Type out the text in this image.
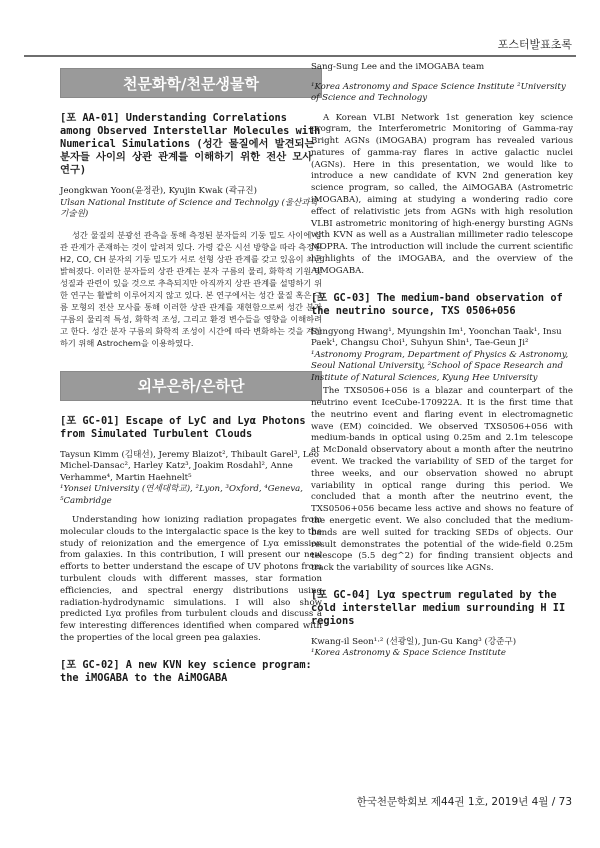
포스터발표초록
천문화학/천문생물학

[포 AA-01] Understanding Correlations among Observed Interstellar Molecules with Numerical Simulations (성간 물질에서 발견되는 분자들 사이의 상관 관계를 이해하기 위한 전산 모사 연구)

Jeongkwan Yoon(윤정관), Kyujin Kwak (곽규진)

Ulsan National Institute of Science and Technolgy (울산과학기술원)

성간 물질의 분광선 관측을 통해 측정된 분자들의 기둥 밀도 사이에 상관 관계가 존재하는 것이 알려져 있다. 가령 같은 시선 방향을 따라 측정된 H2, CO, CH 분자의 기둥 밀도가 서로 선형 상관 관계를 갖고 있음이 최근 밝혀졌다. 이러한 분자들의 상관 관계는 분자 구름의 물리, 화학적 기원 및 성질과 관련이 있을 것으로 추측되지만 아직까지 상관 관계를 설명하기 위한 연구는 활발히 이루어지지 않고 있다. 본 연구에서는 성간 물질 혹은 구름 모형의 전산 모사를 통해 이러한 상관 관계를 재현함으로써 성간 분자 구름의 물리적 특성, 화학적 조성, 그리고 환경 변수들을 영향을 이해하려고 한다. 성간 분자 구름의 화학적 조성이 시간에 따라 변화하는 것을 계산하기 위해 Astrochem을 이용하였다.

외부은하/은하단

[포 GC-01] Escape of LyC and Lyα Photons from Simulated Turbulent Clouds

Taysun Kimm (김태선), Jeremy Blaizot², Thibault Garel³, Leo Michel-Dansac², Harley Katz³, Joakim Rosdahl², Anne Verhamme⁴, Martin Haehnelt⁵

¹Yonsei University (연세대학교), ²Lyon, ³Oxford, ⁴Geneva, ⁵Cambridge

Understanding how ionizing radiation propagates from molecular clouds to the intergalactic space is the key to the study of reionization and the emergence of Lyα emission from galaxies. In this contribution, I will present our new efforts to better understand the escape of UV photons from turbulent clouds with different masses, star formation efficiencies, and spectral energy distributions using radiation-hydrodynamic simulations. I will also show predicted Lyα profiles from turbulent clouds and discuss a few interesting differences identified when compared with the properties of the local green pea galaxies.

[포 GC-02] A new KVN key science program: the iMOGABA to the AiMOGABA

Sang-Sung Lee and the iMOGABA team

¹Korea Astronomy and Space Science Institute ²University of Science and Technology

A Korean VLBI Network 1st generation key science program, the Interferometric Monitoring of Gamma-ray Bright AGNs (iMOGABA) program has revealed various natures of gamma-ray flares in active galactic nuclei (AGNs). Here in this presentation, we would like to introduce a new candidate of KVN 2nd generation key science program, so called, the AiMOGABA (Astrometric iMOGABA), aiming at studying a wondering radio core effect of relativistic jets from AGNs with high resolution VLBI astrometric monitoring of high-energy bursting AGNs with KVN as well as a Australian millimeter radio telescope MOPRA. The introduction will include the current scientific highlights of the iMOGABA, and the overview of the AiMOGABA.

[포 GC-03] The medium-band observation of the neutrino source, TXS 0506+056

Sungyong Hwang¹, Myungshin Im¹, Yoonchan Taak¹, Insu Paek¹, Changsu Choi¹, Suhyun Shin¹, Tae-Geun Ji²

¹Astronomy Program, Department of Physics & Astronomy, Seoul National University, ²School of Space Research and Institute of Natural Sciences, Kyung Hee University

The TXS0506+056 is a blazar and counterpart of the neutrino event IceCube-170922A. It is the first time that the neutrino event and flaring event in electromagnetic wave (EM) coincided. We observed TXS0506+056 with medium-bands in optical using 0.25m and 2.1m telescope at McDonald observatory about a month after the neutrino event. We tracked the variability of SED of the target for three weeks, and our observation showed no abrupt variability in optical range during this period. We concluded that a month after the neutrino event, the TXS0506+056 became less active and shows no feature of the energetic event. We also concluded that the medium-bands are well suited for tracking SEDs of objects. Our result demonstrates the potential of the wide-field 0.25m telescope (5.5 deg^2) for finding transient objects and track the variability of sources like AGNs.

[포 GC-04] Lyα spectrum regulated by the cold interstellar medium surrounding H II regions

Kwang-il Seon¹·² (선광일), Jun-Gu Kang³ (강준구)

¹Korea Astronomy & Space Science Institute

한국천문학회보 제44권 1호, 2019년 4월 / 73
